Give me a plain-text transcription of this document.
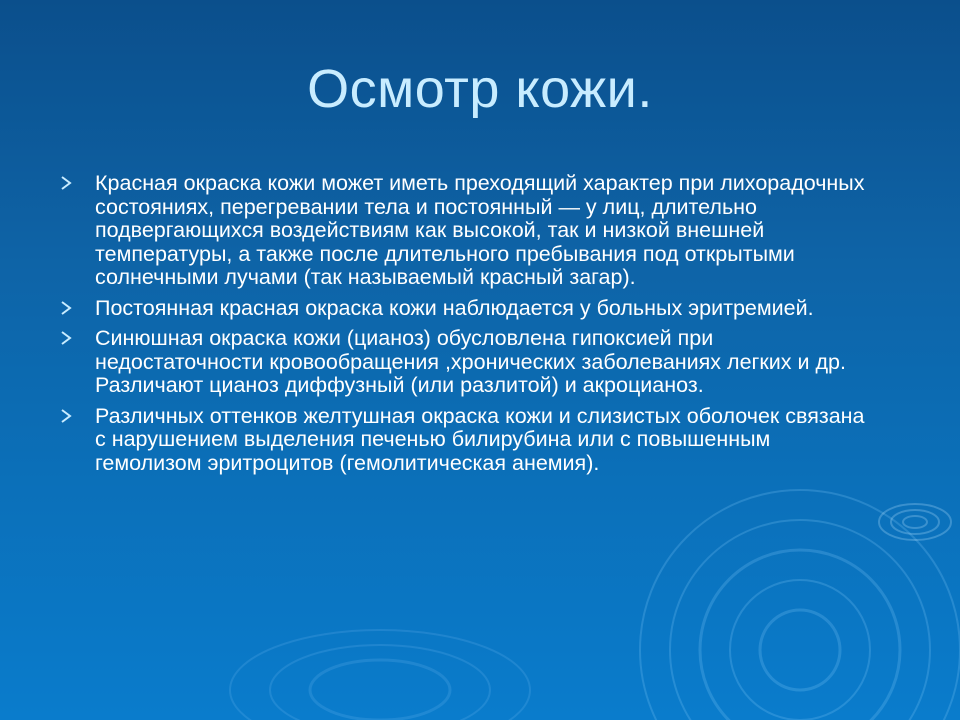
Осмотр кожи.
Красная окраска кожи может иметь преходящий характер при лихорадочных состояниях, перегревании тела и постоянный — у лиц, длительно подвергающихся воздействиям как высокой, так и низкой внешней температуры, а также после длительного пребывания под открытыми солнечными лучами (так называемый красный загар).
Постоянная красная окраска кожи наблюдается у больных эритремией.
Синюшная окраска кожи (цианоз) обусловлена гипоксией при недостаточности кровообращения ,хронических заболеваниях легких и др. Различают цианоз диффузный (или разлитой) и акроцианоз.
Различных оттенков желтушная окраска кожи и слизистых оболочек связана с нарушением выделения печенью билирубина или с повышенным гемолизом эритроцитов (гемолитическая анемия).
